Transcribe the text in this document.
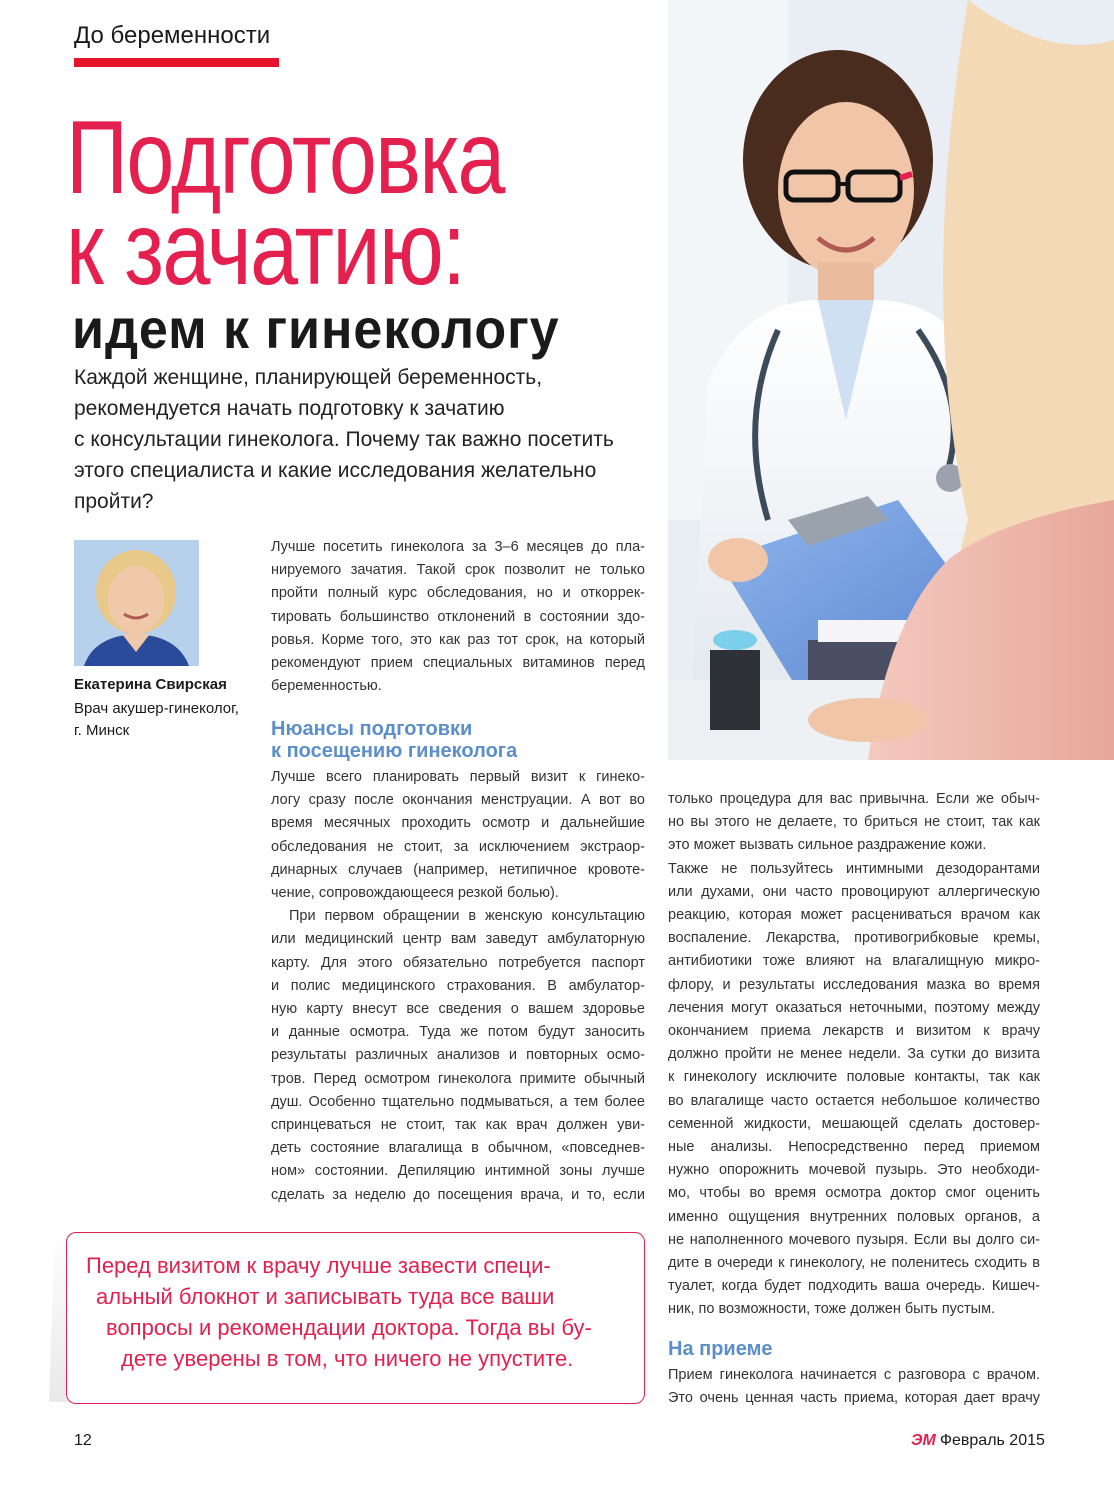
До беременности
Подготовка
к зачатию:
идем к гинекологу
Каждой женщине, планирующей беременность,
рекомендуется начать подготовку к зачатию
с консультации гинеколога. Почему так важно посетить
этого специалиста и какие исследования желательно
пройти?
Екатерина Свирская
Врач акушер-гинеколог,
г. Минск
Лучше посетить гинеколога за 3–6 месяцев до пла-
нируемого зачатия. Такой срок позволит не только
пройти полный курс обследования, но и откоррек-
тировать большинство отклонений в состоянии здо-
ровья. Корме того, это как раз тот срок, на который
рекомендуют прием специальных витаминов перед
беременностью.
Нюансы подготовки
к посещению гинеколога
Лучше всего планировать первый визит к гинеко-
логу сразу после окончания менструации. А вот во
время месячных проходить осмотр и дальнейшие
обследования не стоит, за исключением экстраор-
динарных случаев (например, нетипичное кровоте-
чение, сопровождающееся резкой болью).
При первом обращении в женскую консультацию
или медицинский центр вам заведут амбулаторную
карту. Для этого обязательно потребуется паспорт
и полис медицинского страхования. В амбулатор-
ную карту внесут все сведения о вашем здоровье
и данные осмотра. Туда же потом будут заносить
результаты различных анализов и повторных осмо-
тров. Перед осмотром гинеколога примите обычный
душ. Особенно тщательно подмываться, а тем более
спринцеваться не стоит, так как врач должен уви-
деть состояние влагалища в обычном, «повседнев-
ном» состоянии. Депиляцию интимной зоны лучше
сделать за неделю до посещения врача, и то, если
только процедура для вас привычна. Если же обыч-
но вы этого не делаете, то бриться не стоит, так как
это может вызвать сильное раздражение кожи.
Также не пользуйтесь интимными дезодорантами
или духами, они часто провоцируют аллергическую
реакцию, которая может расцениваться врачом как
воспаление. Лекарства, противогрибковые кремы,
антибиотики тоже влияют на влагалищную микро-
флору, и результаты исследования мазка во время
лечения могут оказаться неточными, поэтому между
окончанием приема лекарств и визитом к врачу
должно пройти не менее недели. За сутки до визита
к гинекологу исключите половые контакты, так как
во влагалище часто остается небольшое количество
семенной жидкости, мешающей сделать достовер-
ные анализы. Непосредственно перед приемом
нужно опорожнить мочевой пузырь. Это необходи-
мо, чтобы во время осмотра доктор смог оценить
именно ощущения внутренних половых органов, а
не наполненного мочевого пузыря. Если вы долго си-
дите в очереди к гинекологу, не поленитесь сходить в
туалет, когда будет подходить ваша очередь. Кишеч-
ник, по возможности, тоже должен быть пустым.
На приеме
Прием гинеколога начинается с разговора с врачом.
Это очень ценная часть приема, которая дает врачу
Перед визитом к врачу лучше завести специ-
альный блокнот и записывать туда все ваши
вопросы и рекомендации доктора. Тогда вы бу-
дете уверены в том, что ничего не упустите.
12	ЭМ Февраль 2015
